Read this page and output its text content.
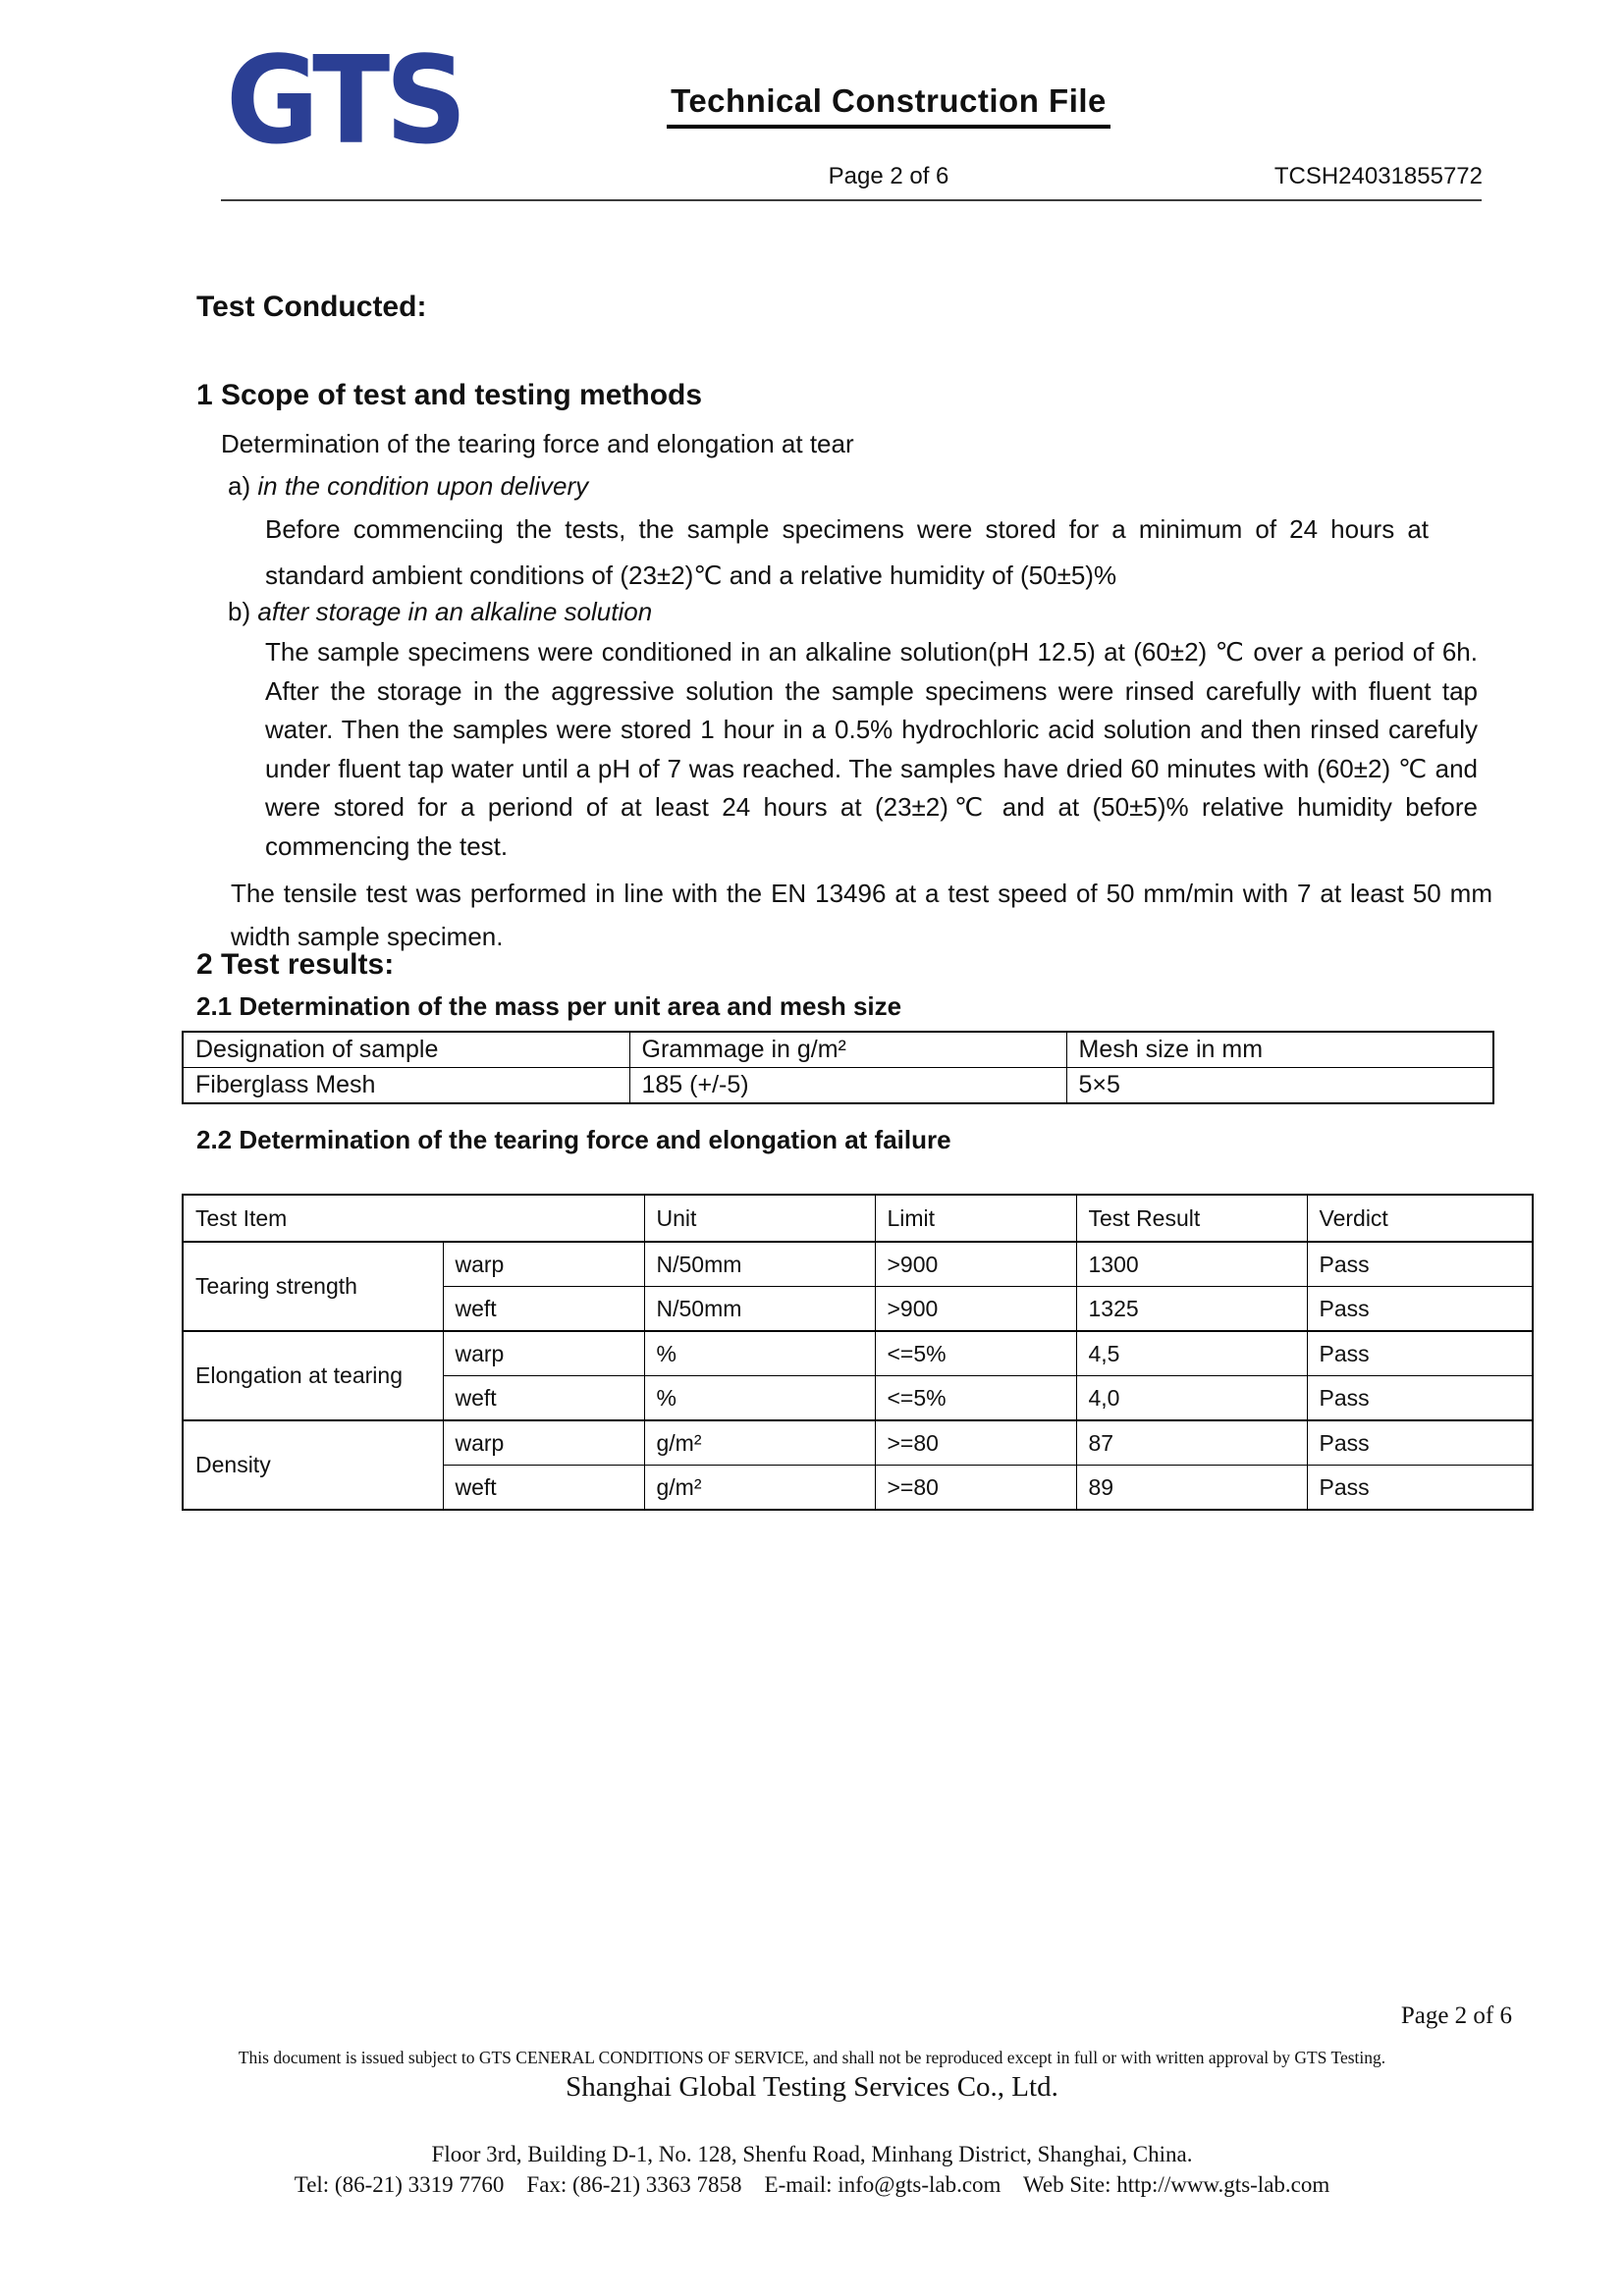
GTS	Technical Construction File
Page 2 of 6	TCSH24031855772
Test Conducted:
1 Scope of test and testing methods
Determination of the tearing force and elongation at tear
a) in the condition upon delivery
Before commenciing the tests, the sample specimens were stored for a minimum of 24 hours at standard ambient conditions of (23±2)℃ and a relative humidity of (50±5)%
b) after storage in an alkaline solution
The sample specimens were conditioned in an alkaline solution(pH 12.5) at (60±2) ℃ over a period of 6h. After the storage in the aggressive solution the sample specimens were rinsed carefully with fluent tap water. Then the samples were stored 1 hour in a 0.5% hydrochloric acid solution and then rinsed carefuly under fluent tap water until a pH of 7 was reached. The samples have dried 60 minutes with (60±2) ℃ and were stored for a periond of at least 24 hours at (23±2)℃ and at (50±5)% relative humidity before commencing the test.
The tensile test was performed in line with the EN 13496 at a test speed of 50 mm/min with 7 at least 50 mm width sample specimen.
2 Test results:
2.1 Determination of the mass per unit area and mesh size
Designation of sample	Grammage in g/m²	Mesh size in mm
Fiberglass Mesh	185 (+/-5)	5×5
2.2 Determination of the tearing force and elongation at failure
Test Item		Unit	Limit	Test Result	Verdict
Tearing strength	warp	N/50mm	>900	1300	Pass
	weft	N/50mm	>900	1325	Pass
Elongation at tearing	warp	%	<=5%	4,5	Pass
	weft	%	<=5%	4,0	Pass
Density	warp	g/m²	>=80	87	Pass
	weft	g/m²	>=80	89	Pass
Page 2 of 6
This document is issued subject to GTS CENERAL CONDITIONS OF SERVICE, and shall not be reproduced except in full or with written approval by GTS Testing.
Shanghai Global Testing Services Co., Ltd.
Floor 3rd, Building D-1, No. 128, Shenfu Road, Minhang District, Shanghai, China.
Tel: (86-21) 3319 7760    Fax: (86-21) 3363 7858    E-mail: info@gts-lab.com    Web Site: http://www.gts-lab.com
